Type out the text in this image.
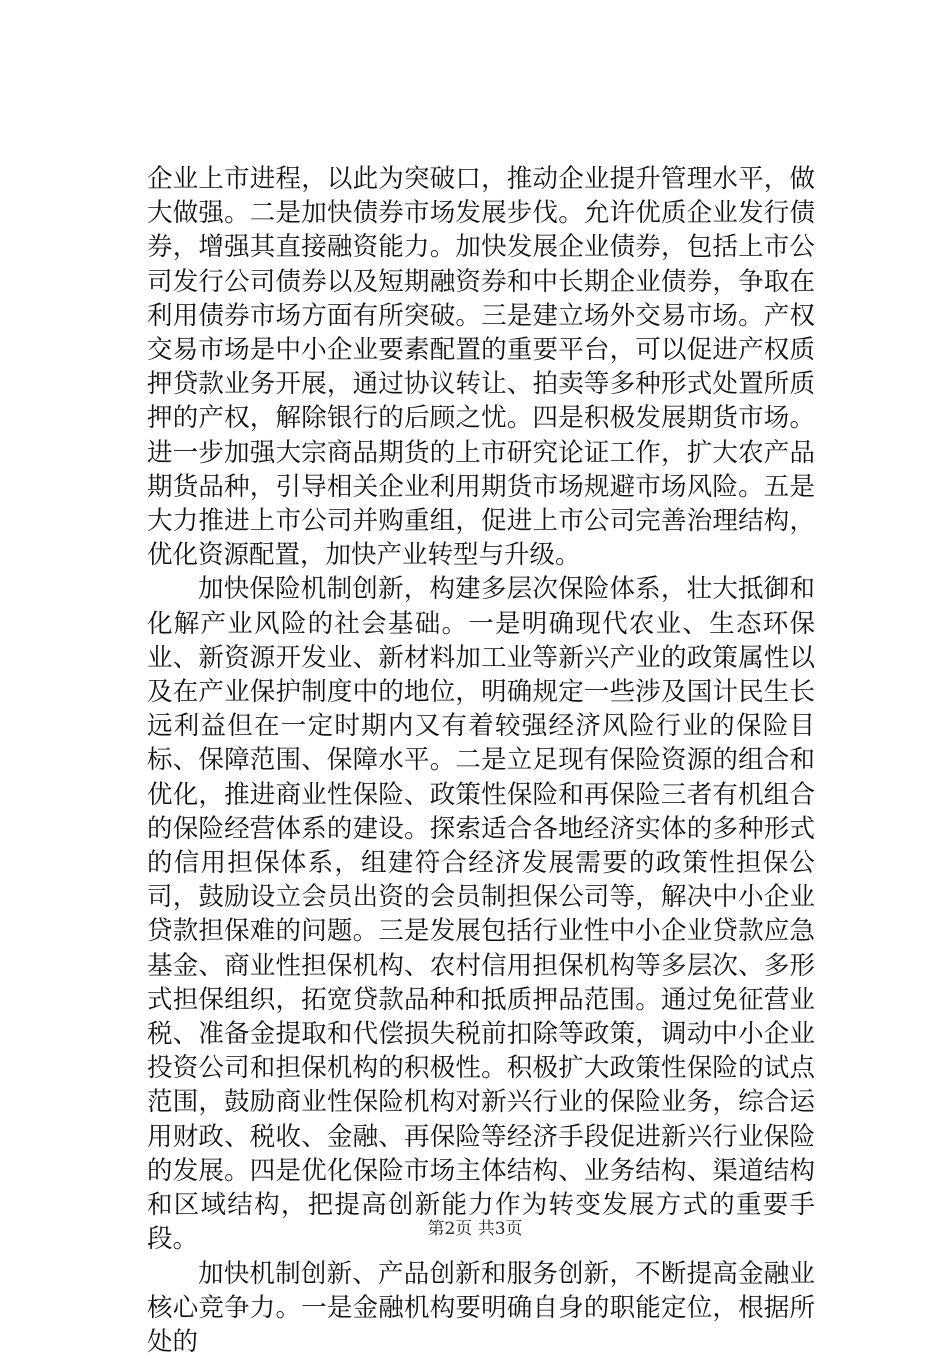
企业上市进程，以此为突破口，推动企业提升管理水平，做大做强。二是加快债券市场发展步伐。允许优质企业发行债券，增强其直接融资能力。加快发展企业债券，包括上市公司发行公司债券以及短期融资券和中长期企业债券，争取在利用债券市场方面有所突破。三是建立场外交易市场。产权交易市场是中小企业要素配置的重要平台，可以促进产权质押贷款业务开展，通过协议转让、拍卖等多种形式处置所质押的产权，解除银行的后顾之忧。四是积极发展期货市场。进一步加强大宗商品期货的上市研究论证工作，扩大农产品期货品种，引导相关企业利用期货市场规避市场风险。五是大力推进上市公司并购重组，促进上市公司完善治理结构，优化资源配置，加快产业转型与升级。

加快保险机制创新，构建多层次保险体系，壮大抵御和化解产业风险的社会基础。一是明确现代农业、生态环保业、新资源开发业、新材料加工业等新兴产业的政策属性以及在产业保护制度中的地位，明确规定一些涉及国计民生长远利益但在一定时期内又有着较强经济风险行业的保险目标、保障范围、保障水平。二是立足现有保险资源的组合和优化，推进商业性保险、政策性保险和再保险三者有机组合的保险经营体系的建设。探索适合各地经济实体的多种形式的信用担保体系，组建符合经济发展需要的政策性担保公司，鼓励设立会员出资的会员制担保公司等，解决中小企业贷款担保难的问题。三是发展包括行业性中小企业贷款应急基金、商业性担保机构、农村信用担保机构等多层次、多形式担保组织，拓宽贷款品种和抵质押品范围。通过免征营业税、准备金提取和代偿损失税前扣除等政策，调动中小企业投资公司和担保机构的积极性。积极扩大政策性保险的试点范围，鼓励商业性保险机构对新兴行业的保险业务，综合运用财政、税收、金融、再保险等经济手段促进新兴行业保险的发展。四是优化保险市场主体结构、业务结构、渠道结构和区域结构，把提高创新能力作为转变发展方式的重要手段。

加快机制创新、产品创新和服务创新，不断提高金融业核心竞争力。一是金融机构要明确自身的职能定位，根据所处的

第2页 共3页
